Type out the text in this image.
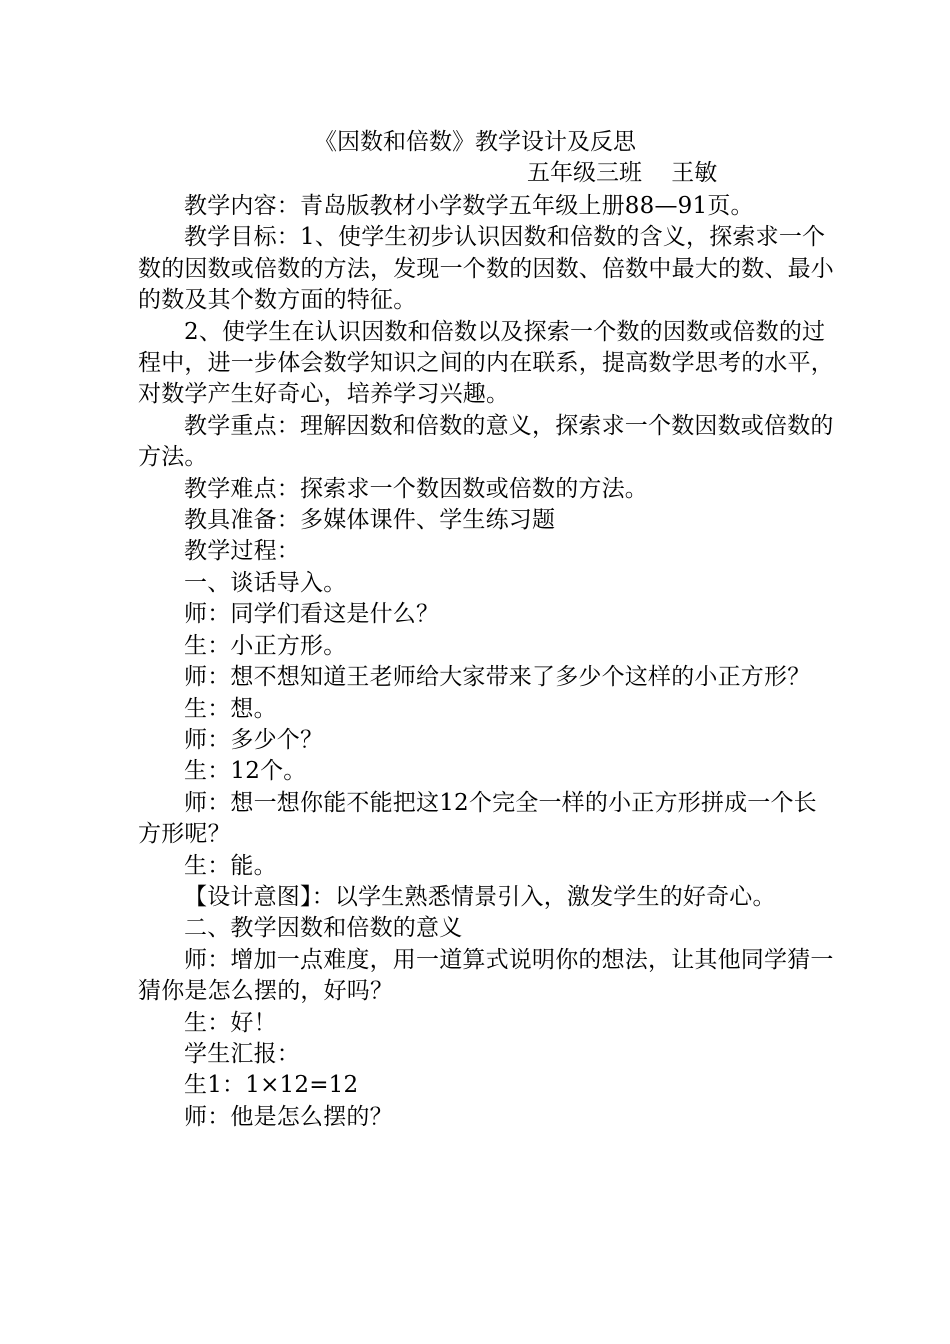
《因数和倍数》教学设计及反思
五年级三班    王敏

教学内容：青岛版教材小学数学五年级上册88—91页。

教学目标：1、使学生初步认识因数和倍数的含义，探索求一个数的因数或倍数的方法，发现一个数的因数、倍数中最大的数、最小的数及其个数方面的特征。

2、使学生在认识因数和倍数以及探索一个数的因数或倍数的过程中，进一步体会数学知识之间的内在联系，提高数学思考的水平，对数学产生好奇心，培养学习兴趣。

教学重点：理解因数和倍数的意义，探索求一个数因数或倍数的方法。

教学难点：探索求一个数因数或倍数的方法。

教具准备：多媒体课件、学生练习题

教学过程：

一、谈话导入。

师：同学们看这是什么？

生：小正方形。

师：想不想知道王老师给大家带来了多少个这样的小正方形？

生：想。

师：多少个？

生：12个。

师：想一想你能不能把这12个完全一样的小正方形拼成一个长方形呢？

生：能。

【设计意图】：以学生熟悉情景引入，激发学生的好奇心。

二、教学因数和倍数的意义

师：增加一点难度，用一道算式说明你的想法，让其他同学猜一猜你是怎么摆的，好吗？

生：好！

学生汇报：

生1：1×12=12

师：他是怎么摆的？
